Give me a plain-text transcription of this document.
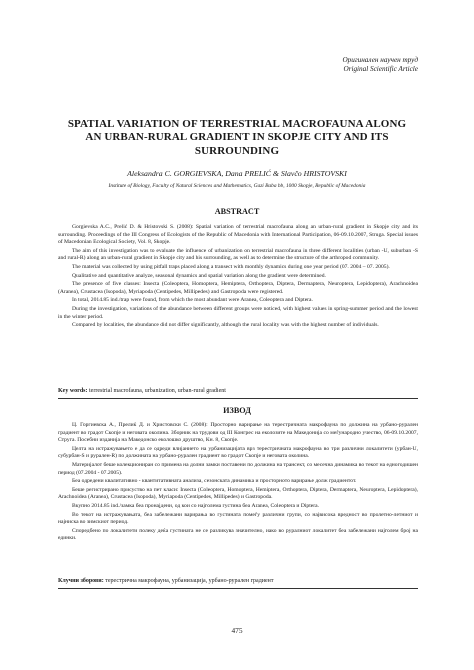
Оригинален научен труд
Original Scientific Article
SPATIAL VARIATION OF TERRESTRIAL MACROFAUNA ALONG AN URBAN-RURAL GRADIENT IN SKOPJE CITY AND ITS SURROUNDING
Aleksandra C. GORGIEVSKA, Dana PRELIĆ & Slavčo HRISTOVSKI
Institute of Biology, Faculty of Natural Sciences and Mathematics, Gazi Baba bb, 1000 Skopje, Republic of Macedonia
ABSTRACT

Gorgievska A.C., Prelić D. & Hristovski S. (2008): Spatial variation of terrestrial macrofauna along an urban-rural gradient in Skopje city and its surrounding. Proceedings of the III Congress of Ecologists of the Republic of Macedonia with International Participation, 06-09.10.2007, Struga. Special issues of Macedonian Ecological Society, Vol. 8, Skopje.

The aim of this investigation was to evaluate the influence of urbanization on terrestrial macrofauna in three different localities (urban -U, suburban -S and rural-R) along an urban-rural gradient in Skopje city and his surrounding, as well as to determine the structure of the arthropod community.

The material was collected by using pitfall traps placed along a transect with monthly dynamics during one year period (07. 2004 – 07. 2005).

Qualitative and quantitative analyze, seasonal dynamics and spatial variation along the gradient were determined.

The presence of five classes: Insecta (Coleoptera, Homoptera, Hemiptera, Orthoptera, Diptera, Dermaptera, Neuroptera, Lepidoptera), Arachnoidea (Aranea), Crustacea (Isopoda), Myriapoda (Centipedes, Millipedes) and Gastropoda were registered.

In total, 2014.85 ind./trap were found, from which the most abundant were Aranea, Coleoptera and Diptera.

During the investigation, variations of the abundance between different groups were noticed, with highest values in spring-summer period and the lowest in the winter period.

Compared by localities, the abundance did not differ significantly, although the rural locality was with the highest number of individuals.

Key words: terrestrial macrofauna, urbanization, urban-rural gradient
ИЗВОД

Ц. Горгиевска А., Прелиќ Д. и Христовски С. (2008): Просторно варирање на терестричната макрофауна по должина на урбано-рурален градиент во градот Скопје и неговата околина. Зборник на трудови од III Конгрес на еколозите на Македонија со меѓународно учество, 06-09.10.2007, Струга. Посебни изданија на Македонско еколошко друштво, Кн. 8, Скопје.

Целта на истражувањето е да се одреди влијанието на урбанизацијата врз терестричната макрофауна во три различни локалитети (урбан-U, субурбан-S и рурален-R) по должината на урбано-рурален градиент во градот Скопје и неговата околина.

Материјалот беше колекциониран со примена на долни замки поставени по должина на трансект, со месечна динамика во текот на едногодишен период (07.2004 - 07.2005).

Беа одредени квалитативно - квантитативната анализа, сезонската динамика и просторното варирање долж градиентот.

Беше регистрирано присуство на пет класи: Insecta (Coleoptera, Homoptera, Hemiptera, Orthoptera, Diptera, Dermaptera, Neuroptera, Lepidoptera), Arachnoidea (Aranea), Crustacea (Isopoda), Myriapoda (Centipedes, Millipedes) и Gastropoda.

Вкупно 2014.85 ind./замка беа пронајдени, од кои со најголема густина беа Aranea, Coleoptera и Diptera.

Во текот на истражувањата, беа забележани варирања во густината помеѓу различни групи, со највисока вредност во пролетно-летниот и најниска во зимскиот период.

Споредбено по локалитети полеку деќа густината не се разликува значително, иако во руралниот локалитет беа забележани најголем број на единки.

Клучни зборови: терестрична макрофауна, урбанизација, урбано-рурален градиент
475
